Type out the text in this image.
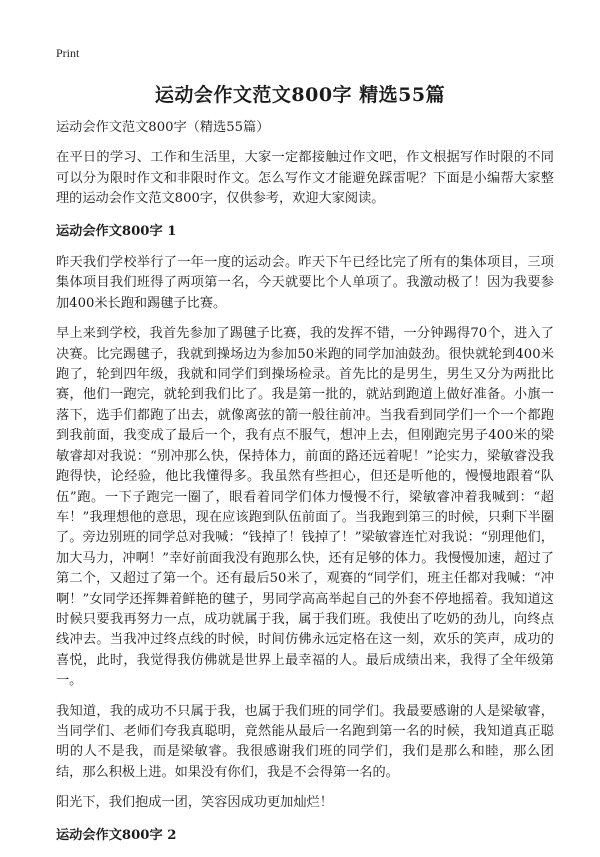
Print
运动会作文范文800字 精选55篇

运动会作文范文800字（精选55篇）

在平日的学习、工作和生活里，大家一定都接触过作文吧，作文根据写作时限的不同可以分为限时作文和非限时作文。怎么写作文才能避免踩雷呢？下面是小编帮大家整理的运动会作文范文800字，仅供参考，欢迎大家阅读。

运动会作文800字 1

昨天我们学校举行了一年一度的运动会。昨天下午已经比完了所有的集体项目，三项集体项目我们班得了两项第一名，今天就要比个人单项了。我激动极了！因为我要参加400米长跑和踢毽子比赛。

早上来到学校，我首先参加了踢毽子比赛，我的发挥不错，一分钟踢得70个，进入了决赛。比完踢毽子，我就到操场边为参加50米跑的同学加油鼓劲。很快就轮到400米跑了，轮到四年级，我就和同学们到操场检录。首先比的是男生，男生又分为两批比赛，他们一跑完，就轮到我们比了。我是第一批的，就站到跑道上做好准备。小旗一落下，选手们都跑了出去，就像离弦的箭一般往前冲。当我看到同学们一个一个都跑到我前面，我变成了最后一个，我有点不服气，想冲上去，但刚跑完男子400米的梁敏睿却对我说：“别冲那么快，保持体力，前面的路还远着呢！”论实力，梁敏睿没我跑得快，论经验，他比我懂得多。我虽然有些担心，但还是听他的，慢慢地跟着“队伍”跑。一下子跑完一圈了，眼看着同学们体力慢慢不行，梁敏睿冲着我喊到：“超车！”我理想他的意思，现在应该跑到队伍前面了。当我跑到第三的时候，只剩下半圈了。旁边别班的同学总对我喊：“钱掉了！钱掉了！”梁敏睿连忙对我说：“别理他们，加大马力，冲啊！”幸好前面我没有跑那么快，还有足够的体力。我慢慢加速，超过了第二个，又超过了第一个。还有最后50米了，观赛的“同学们，班主任都对我喊：“冲啊！”女同学还挥舞着鲜艳的毽子，男同学高高举起自己的外套不停地摇着。我知道这时候只要我再努力一点，成功就属于我，属于我们班。我使出了吃奶的劲儿，向终点线冲去。当我冲过终点线的时候，时间仿佛永远定格在这一刻，欢乐的笑声，成功的喜悦，此时，我觉得我仿佛就是世界上最幸福的人。最后成绩出来，我得了全年级第一。

我知道，我的成功不只属于我，也属于我们班的同学们。我最要感谢的人是梁敏睿，当同学们、老师们夸我真聪明，竟然能从最后一名跑到第一名的时候，我知道真正聪明的人不是我，而是梁敏睿。我很感谢我们班的同学们，我们是那么和睦，那么团结，那么积极上进。如果没有你们，我是不会得第一名的。

阳光下，我们抱成一团，笑容因成功更加灿烂！

运动会作文800字 2
